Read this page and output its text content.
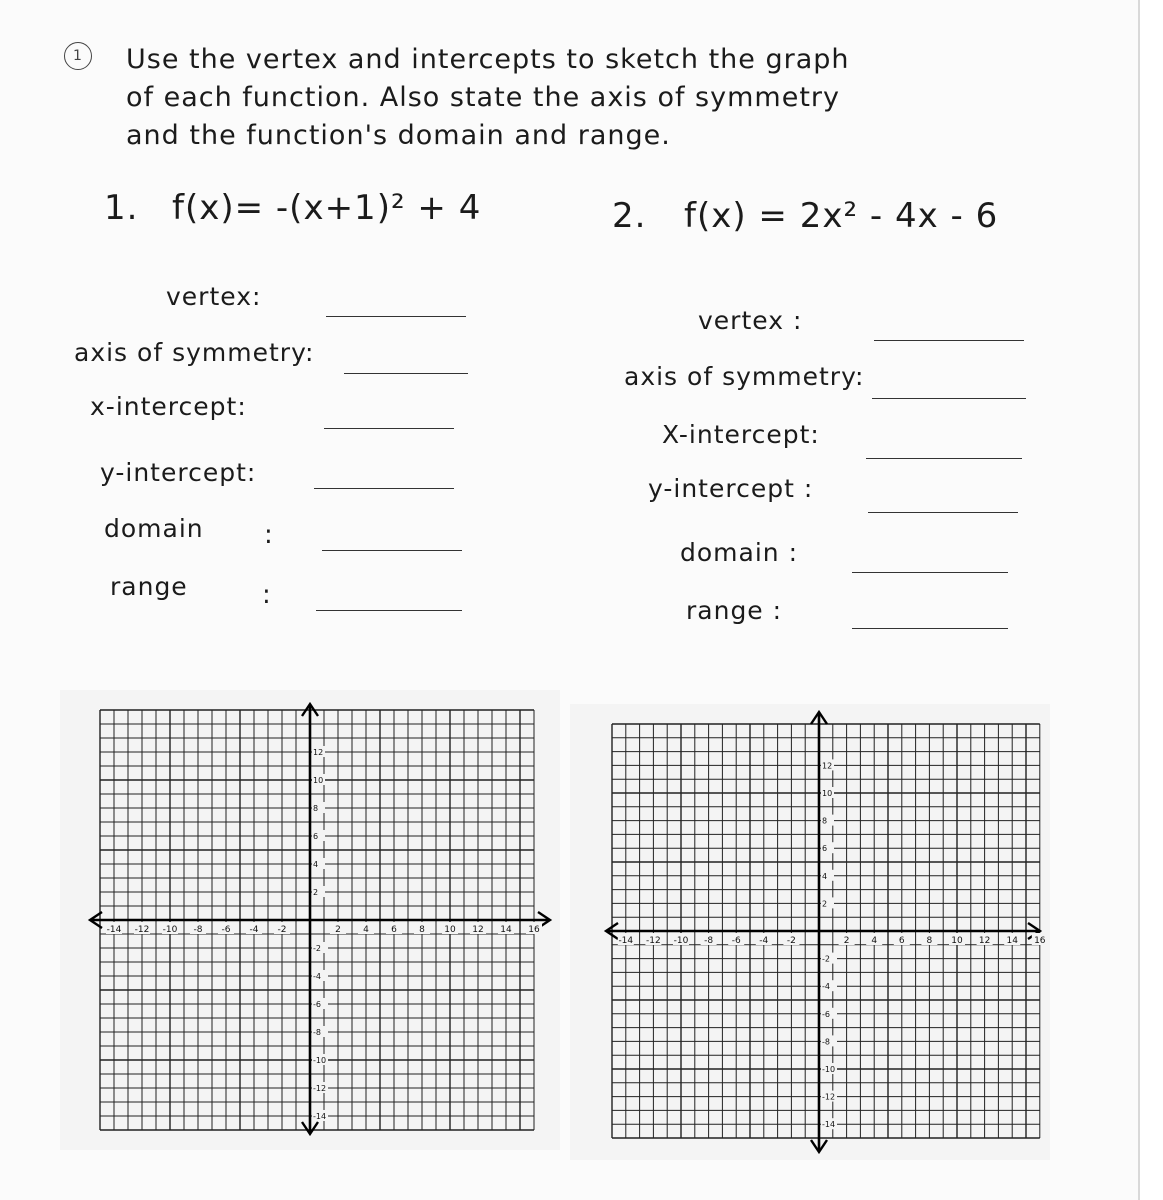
1	Use the vertex and intercepts to sketch the graph
of each function. Also state the axis of symmetry
and the function's domain and range.
1. f(x)= -(x+1)² + 4
vertex:
axis of symmetry:
x-intercept:
y-intercept:
domain :
range	:
2. f(x) = 2x² - 4x - 6
vertex :
axis of symmetry:
X-intercept:
y-intercept :
domain :
range :
-14 -12 -10 -8 -6 -4 -2	2 4 6 8 10 12 14 16
12
10
8
6
4
2
-2
-4
-6
-8
-10
-12
-14
-14 -12 -10 -8 -6 -4 -2	2 4 6 8 10 12 14 16
12
10
8
6
4
2
-2
-4
-6
-8
-10
-12
-14
